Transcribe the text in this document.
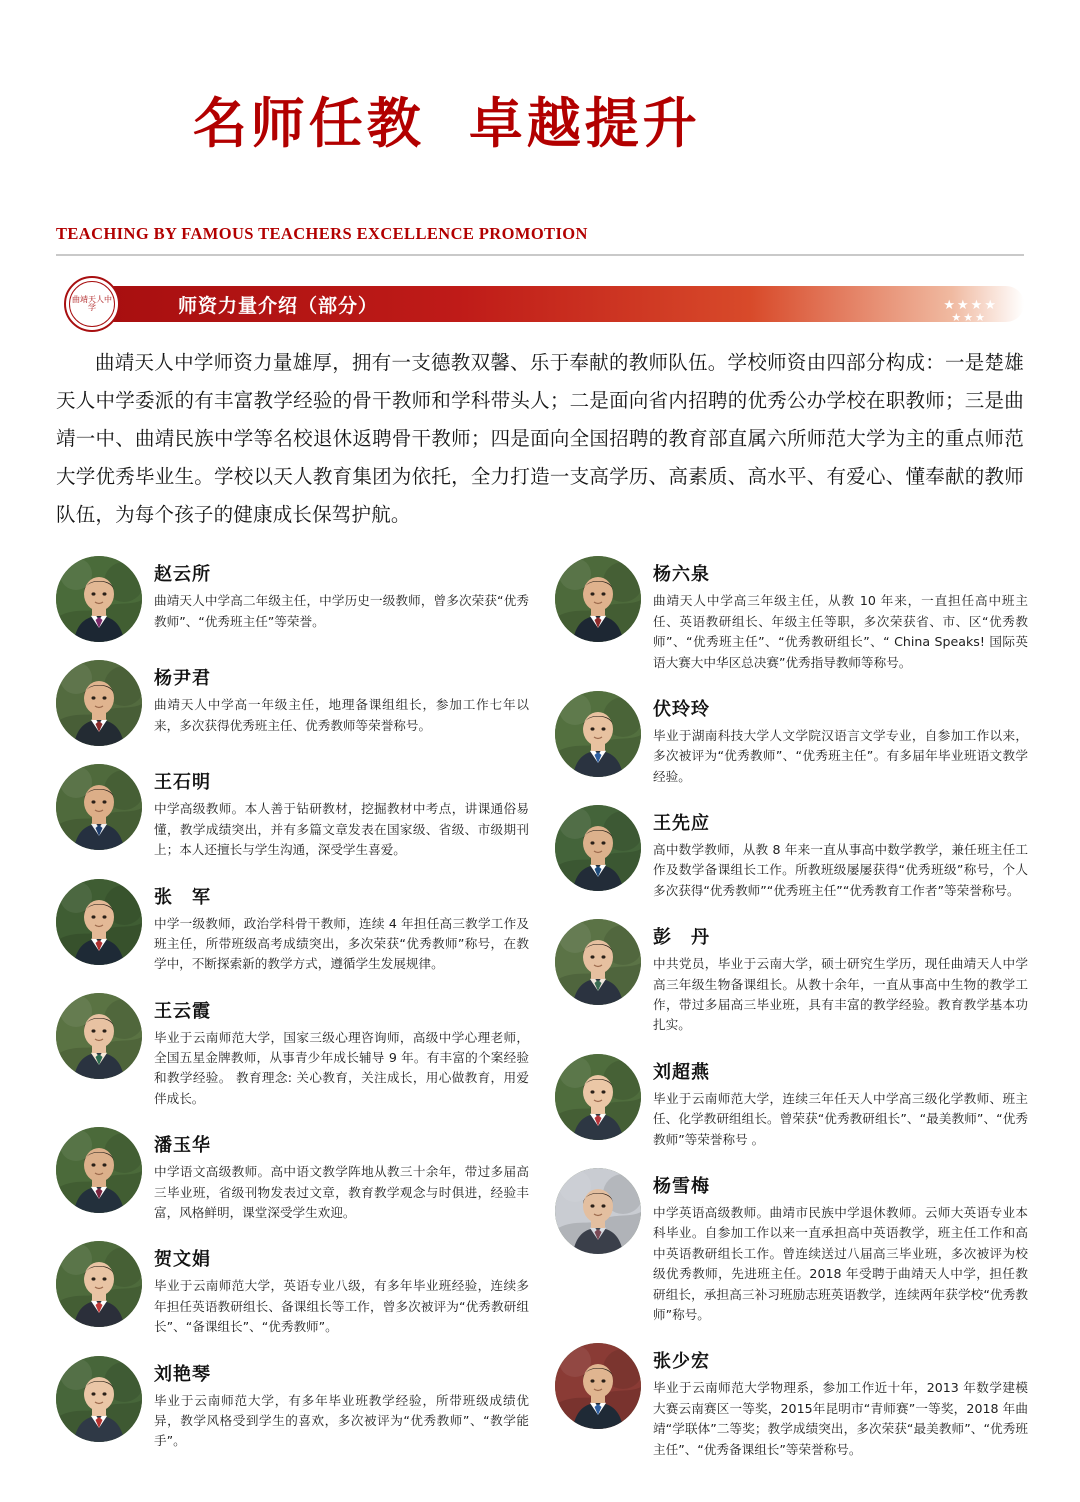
名师任教 卓越提升

TEACHING BY FAMOUS TEACHERS EXCELLENCE PROMOTION
师资力量介绍（部分）	★★★★
★★★
曲靖天人中学

曲靖天人中学师资力量雄厚，拥有一支德教双馨、乐于奉献的教师队伍。学校师资由四部分构成：一是楚雄天人中学委派的有丰富教学经验的骨干教师和学科带头人；二是面向省内招聘的优秀公办学校在职教师；三是曲靖一中、曲靖民族中学等名校退休返聘骨干教师；四是面向全国招聘的教育部直属六所师范大学为主的重点师范大学优秀毕业生。学校以天人教育集团为依托，全力打造一支高学历、高素质、高水平、有爱心、懂奉献的教师队伍，为每个孩子的健康成长保驾护航。

赵云所
曲靖天人中学高二年级主任，中学历史一级教师，曾多次荣获“优秀教师”、“优秀班主任”等荣誉。
杨尹君
曲靖天人中学高一年级主任，地理备课组组长，参加工作七年以来，多次获得优秀班主任、优秀教师等荣誉称号。
王石明
中学高级教师。本人善于钻研教材，挖掘教材中考点，讲课通俗易懂，教学成绩突出，并有多篇文章发表在国家级、省级、市级期刊上；本人还擅长与学生沟通，深受学生喜爱。
张　军
中学一级教师，政治学科骨干教师，连续 4 年担任高三教学工作及班主任，所带班级高考成绩突出，多次荣获“优秀教师”称号，在教学中，不断探索新的教学方式，遵循学生发展规律。
王云霞
毕业于云南师范大学，国家三级心理咨询师，高级中学心理老师，全国五星金牌教师，从事青少年成长辅导 9 年。有丰富的个案经验和教学经验。 教育理念: 关心教育，关注成长，用心做教育，用爱伴成长。
潘玉华
中学语文高级教师。高中语文教学阵地从教三十余年，带过多届高三毕业班，省级刊物发表过文章，教育教学观念与时俱进，经验丰富，风格鲜明，课堂深受学生欢迎。
贺文娟
毕业于云南师范大学，英语专业八级，有多年毕业班经验，连续多年担任英语教研组长、备课组长等工作，曾多次被评为“优秀教研组长”、“备课组长”、“优秀教师”。
刘艳琴
毕业于云南师范大学，有多年毕业班教学经验，所带班级成绩优异，教学风格受到学生的喜欢，多次被评为“优秀教师”、“教学能手”。
杨六泉
曲靖天人中学高三年级主任，从教 10 年来，一直担任高中班主任、英语教研组长、年级主任等职，多次荣获省、市、区“优秀教师”、“优秀班主任”、“优秀教研组长”、“ China Speaks! 国际英语大赛大中华区总决赛”优秀指导教师等称号。
伏玲玲
毕业于湖南科技大学人文学院汉语言文学专业，自参加工作以来，多次被评为“优秀教师”、“优秀班主任”。有多届年毕业班语文教学经验。
王先应
高中数学教师，从教 8 年来一直从事高中数学教学，兼任班主任工作及数学备课组长工作。所教班级屡屡获得“优秀班级”称号，个人多次获得“优秀教师”“优秀班主任”“优秀教育工作者”等荣誉称号。
彭　丹
中共党员，毕业于云南大学，硕士研究生学历，现任曲靖天人中学高三年级生物备课组长。从教十余年，一直从事高中生物的教学工作，带过多届高三毕业班，具有丰富的教学经验。教育教学基本功扎实。
刘超燕
毕业于云南师范大学，连续三年任天人中学高三级化学教师、班主任、化学教研组组长。曾荣获“优秀教研组长”、“最美教师”、“优秀教师”等荣誉称号 。
杨雪梅
中学英语高级教师。曲靖市民族中学退休教师。云师大英语专业本科毕业。自参加工作以来一直承担高中英语教学，班主任工作和高中英语教研组长工作。曾连续送过八届高三毕业班，多次被评为校级优秀教师，先进班主任。2018 年受聘于曲靖天人中学，担任教研组长，承担高三补习班励志班英语教学，连续两年获学校“优秀教师”称号。
张少宏
毕业于云南师范大学物理系，参加工作近十年，2013 年数学建模大赛云南赛区一等奖，2015年昆明市“青师赛”一等奖，2018 年曲靖“学联体”二等奖；教学成绩突出，多次荣获“最美教师”、“优秀班主任”、“优秀备课组长”等荣誉称号。
